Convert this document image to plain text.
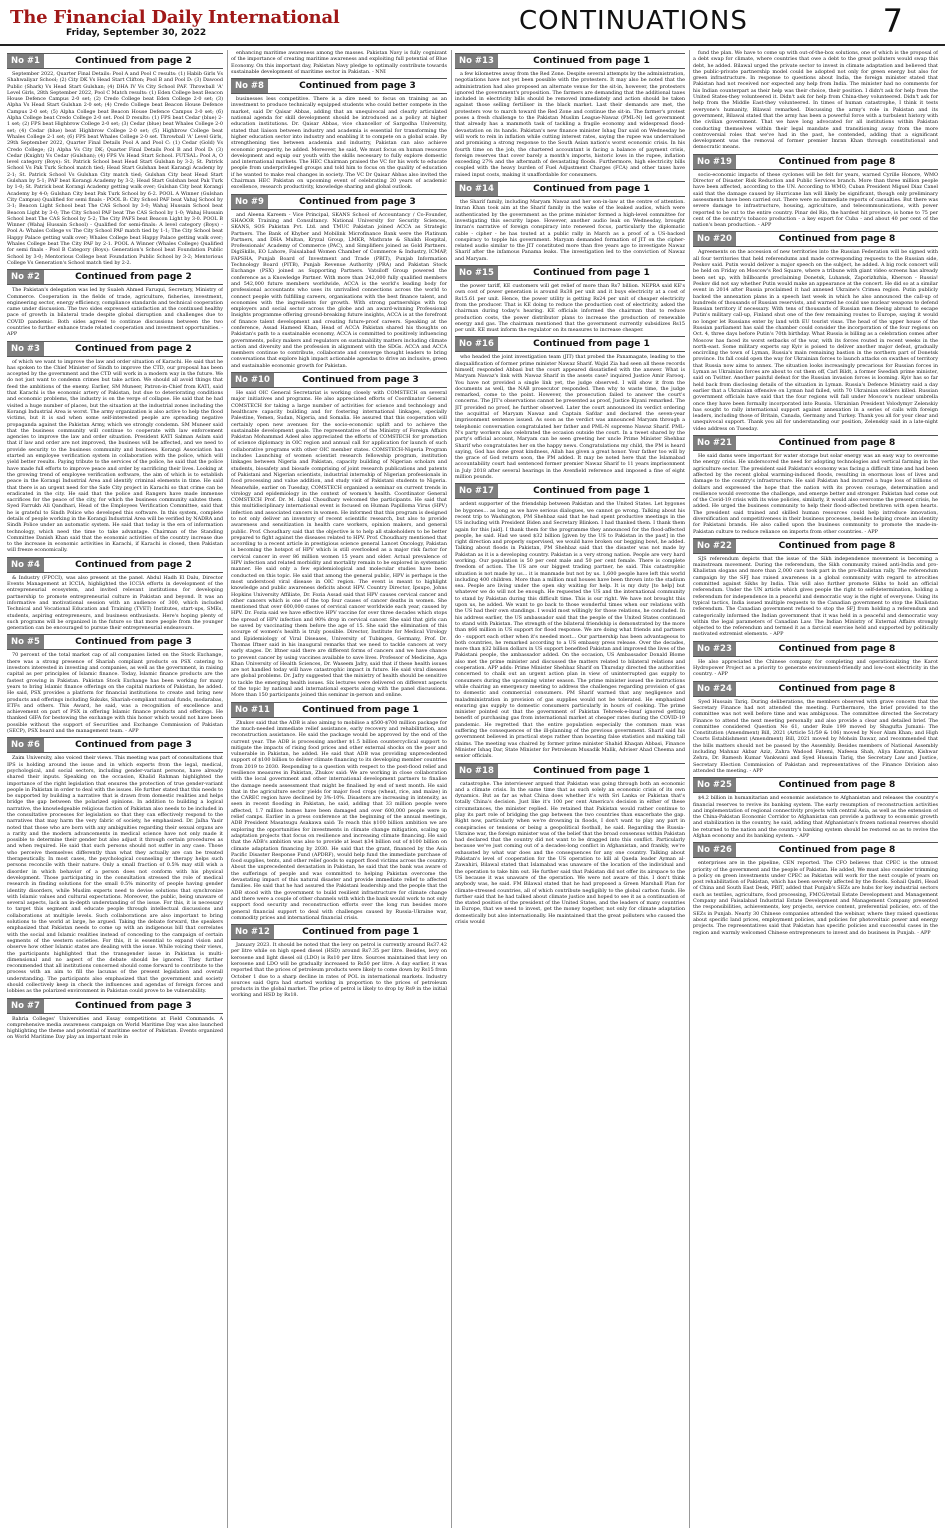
The Financial Daily International
Friday, September 30, 2022	CONTINUATIONS	7
No #1	Continued from page 2

September 2022, Quarter Final Details: Pool A and Pool C results: (1) Habib Girls Vs Shahwaliyar School; (2) City DK Vs Head Start Clifton; Pool B and Pool D: (3) Dawood Public (Shark) Vs Head Start Gulshan; (4) DHA IV Vs City School PAF. Throwball 'A' Level Girls, 28th September 2022, Pool C Match results: (1) Eden College beat Beacon House Defence Campus 2-0 set; (2) Credo College beat Eden College 2-0 set; (3) Alpha Vs Head Start Gulshan 2-0 set; (4) Credo College beat Beacon House Defence Campus 2-0 set; (5) Alpha College beat Beacon House Defence Campus 2-0 set; (6) Alpha College beat Credo College 2-0 set. Pool D results: (1) FPS beat Cedar (blue) 2-1 set; (2) FPS beat Highbrow College 2-0 set; (3) Cedar (blue) beat Whales College 2-0 set; (4) Cedar (blue) beat Highbrow College 2-0 set; (5) Highbrow College beat Whales College 2-1 set; (6) FPS beat Whales College 2-0 set. Throwball 'A' Level Girls, 29th September 2022, Quarter Final Details Pool A and Pool C: (1) Cedar (Gold) Vs Credo College; (2) Alpha Vs City DK; Quarter Final Details Pool B and Pool D: (3) Cedar (Knight) Vs Cedar (Gulshan); (4) FPS Vs Head Start School. FUTSAL: Pool A, O level category (Boys): St. Patrick School beat Head Start Gulshan by 3-2; St. Patrick School Vs Pak Turk School match tied; Head Start Gulshan beat Karangi Academy by 2-1; St. Patrick School Vs Gulshan City match tied; Gulshan City beat Head Start Gulshan by 5-1; PAF beat Korangi Academy by 3-2; Head Start Gulshan beat Pak Turk by 1-0; St. Patrick beat Korangi Academy getting walk over; Gulshan City beat Korangi Academy by 4-0; Gulshan City beat Pak Turk School by 6-2. POOL A Winner (Gulshan City Campus) Qualified for semi finals - POOL B: City School PAF beat Vahaj School by 3-1; Beacon Light School beat The CAS School by 3-0; Wahaj Hussain School beat Beacon Light by 3-0; The City School PAF beat The CAS School by 1-0; Wahaj Hussain School beat The CAS School by 5-2; The City PAFS beat Beacon Light by 3-0. POOL B Winner (Wahaj Hussain School) - Qualified for semi-finals: A level category (Boys) - Pool A: Whales College vs The City School PAF match tied by 1-1; The City School beat Happy Palace getting walk over; Whales College beat Happy Palace getting walk over; Whales College beat The City PAF by 2-1. POOL A Winner (Whales College) Qualified for semi finals - Pool B Category (Boys): Generation's School beat Foundation Public School by 3-0; Mentorious College beat Foundation Public School by 3-2; Mentorious College Vs Generation's School match tied by 2-2.

No #2	Continued from page 2

The Pakistan's delegation was led by Sualeh Ahmed Faruqui, Secretary, Ministry of Commerce. Cooperation in the fields of trade, agriculture, fisheries, investment, engineering sector, energy efficiency, compliance standards and technical cooperation came under discussion. The two sides expressed satisfaction at the continued healthy pace of growth in bilateral trade despite global disruption and challenges due to COVID pandemic. Both sides agreed to continue discussions between the two countries to further enhance trade related cooperation and investment opportunities. - APP

No #3	Continued from page 2

of which we want to improve the law and order situation of Karachi. He said that he has spoken to the Chief Minister of Sindh to improve the CTD, our proposal has been accepted by the government and the CTD will work in a modern way in the future. We do not just want to condemn crimes but take action. We should all avoid things that feed the ambitions of the enemy. Earlier, SM Muneer, Patron-in-Chief from KATI, said that Karachi is the economic artery of Pakistan, but due to deteriorating conditions and economic problems, the industry is on the verge of collapse. He said that he had visited a huge number of places, but the situation at the industrial zones including the Korangi Industrial Area is worst. The army organization is also active to help the flood victims, but it is sad when some self-interested people are spreading negative propaganda against the Pakistan Army, which we strongly condemn. SM Muneer said that the business community will continue to cooperate with law enforcement agencies to improve the law and order situation. President KATI Salman Aslam said that if law and order are not improved, the business will be affected, and we need to provide security to the business community and business. Korangi Association has started an employee verification system in collaboration with the police, which will yield better results. Paying tribute to the services of the police, he said that the police have made full efforts to improve peace and order by sacrificing their lives. Looking at the growing trend of employee verification software, the aim of which is to establish peace in the Korangi Industrial Area and identify criminal elements in time. He said that there is an urgent need for the Safe City project in Karachi so that crime can be eradicated in the city. He said that the police and Rangers have made immense sacrifices for the peace of the city, for which the business community salutes them. Syed Farrukh Ali Qandhari, Head of the Employees Verification Committee, said that he is grateful to Sindh Police who developed this software. In this system, complete details of people working in the Korangi Industrial Area will be verified by NADRA and Sindh Police under an automatic system. He said that today is the era of information technology, which need the time to take advantage. Chairman of the Standing Committee Danish Khan said that the economic activities of the country increase due to the increase in economic activities in Karachi, if Karachi is closed, then Pakistan will freeze economically.

No #4	Continued from page 2

& Industry (FPCCI), was also present at the panel. Abdul Hadh El Dalu, Director Events Management at ICCIA, highlighted the ICCIA efforts in development of the entrepreneurial ecosystem, and invited relevant institutions for developing partnership to promote entrepreneurial culture in Pakistan and beyond. It was an informative and motivational session with an audience of 300, which included Technical and Vocational Education and Training (TVET) Institutes, start-ups, SMEs, students, aspiring entrepreneurs, and business enthusiasts. Here's hoping plenty of such programs will be organized in the future so that more people from the younger generation can be encouraged to pursue their entrepreneurial endeavours.

No #5	Continued from page 3

70 percent of the total market cap of all companies listed on the Stock Exchange, there was a strong presence of Shariah compliant products on PSX catering to investors interested in investing and companies, as well as the government, in raising capital as per principles of Islamic finance. Today, Islamic finance products are the fastest growing in Pakistan. Pakistan Stock Exchange has been working for many years to bring Islamic finance offerings on the capital markets of Pakistan, he added. He said, PSX provides a platform for financial institutions to create and bring new products and offerings including Sukuks, Shariah-compliant mutual funds, modarabas, ETFs and others. This Award, he said, was a recognition of excellence and achievement on part of PSX in offering Islamic finance products and offerings. He thanked GIFA for bestowing the exchange with this honor which would not have been possible without the support of Securities and Exchange Commission of Pakistan (SECP), PSX board and the management team. - APP

No #6	Continued from page 3

Zaim University, also voiced their views. This meeting was part of consultations that IPS is holding around the issue and in which experts from the legal, medical, psychological, and social sectors, including gender-variant persons, have already shared their inputs. Speaking on the occasion, Khalid Rahman highlighted the importance of the right legislation that ensures the protection of true gender-variant people in Pakistan in order to deal with the issues. He further stated that this needs to be supported by building a narrative that is drawn from domestic realities and helps bridge the gap between the polarized opinions. In addition to building a logical narrative, the knowledgeable religious faction of Pakistan also needs to be included in the consultative processes for legislation so that they can effectively respond to the narratives that may harm the very fabric of society, he emphasized. Dr. Jalha Yasir noted that those who are born with any ambiguities regarding their sexual organs are a rarity and the modern advancements in medical science have not only made it possible to determine their gender but also adjust it through certain procedures as and when required. He said that such persons should not suffer in any case. Those who perceive themselves differently than what they actually are can be treated therapeutically. In most cases, the psychological counseling or therapy helps such persons reconcile with their nature. Only a small fraction of 0.5% may still wish a disorder in which behavior of a person does not conform with his physical development. Those participating in the consultation stressed the role of medical research in finding solutions for the small 0.5% minority of people having gender identity disorders, while Muslim experts need to devise solutions that synchronize with Islamic values and cultural expectations. Moreover, the public, being unaware of several aspects, lack an in-depth understanding of the issue. For this, it is necessary to target this segment and educate people through intellectual discussions and collaborations at multiple levels. Such collaborations are also important to bring solutions to the world at large, he argued. Taking the debate forward, the speakers emphasized that Pakistan needs to come up with an indigenous bill that correlates with the social and Islamic realities instead of conceding to the campaign of certain segments of the western societies. For this, it is essential to expand vision and observe how other Islamic states are dealing with the issue. While voicing their views, the participants highlighted that the transgender issue in Pakistan is multi-dimensional and no aspect of the debate should be ignored. They further recommended that all institutions concerned should come forward to contribute to the process with an aim to fill the lacunas of the present legislation and overall understanding. The participants also emphasized that the government and society should collectively keep in check the influences and agendas of foreign forces and lobbies as the polarized environment in Pakistan could prove to be vulnerability.

No #7	Continued from page 3

Bahria Colleges' Universities and Essay competitions at Field Commands. A comprehensive media awareness campaign on World Maritime Day was also launched highlighting the theme and potential of maritime sector of Pakistan. Events organized on World Maritime Day play an important role in

enhancing maritime awareness among the masses. Pakistan Navy is fully cognizant of the importance of creating maritime awareness and exploiting full potential of Blue Economy. On this important day, Pakistan Navy pledge to optimally contribute towards sustainable development of maritime sector in Pakistan. - NNI

No #8	Continued from page 3

businesses less competitive. There is a dire need to focus on training as an investment to produce technically equipped students who could better compete in the market, said Dr Qaisar Abbas, adding that an unequivocal and clearly articulated national agenda for skill development should be introduced as a policy at higher education institutions. Dr. Qaisar Abbas, vice chancellor of Sargodha University, stated that liaison between industry and academia is essential for transforming the higher education sector into industry and enabling it to compete on a global scale. By strengthening ties between academia and industry, Pakistan can also achieve economic prosperity, he added. Moreover, he said, We must focus on human resource development and equip our youth with the skills necessary to fully explore domestic and international markets. The HEC Chairman praised the VC for his work to educate people from underprivileged groups and told him to focus on the quality of education if he wanted to make real changes in society. The VC Dr Qaisar Abbas also invited the Chairman HEC Pakistan on upcoming event of celebrating 20 years of academic excellence, research productivity, knowledge sharing and global outlook.

No #9	Continued from page 3

and Aleena Kareem - Vice Principal, SKANS School of Accountancy / Co-Founder, SHAOOR Training and Consultancy. National University for Security Sciences, SKANS, SOS Pakistan Pvt. Ltd. and TMUC Pakistan joined ACCA as Strategic Partners. The Bank of Khyber and Mobilink Microfinance Bank were the Platinum Partners, and DHA Multan, Kryzal Group, LMKR, Mathrate & Shaikh Hospital, Professionals' Academy of Commerce (PAC), and Simplifiers joined as Gold Partners. DigiSkills, EO Lahore, Faisalabad Women Chamber of Commerce & Industry, ICMAP, FAPSHA, Punjab Board of Investment and Trade (PBIT), Punjab Information Technology Board (PITB), Punjab Revenue Authority (PRA) and Pakistan Stock Exchange (PSX) joined as Supporting Partners. Vatsiloff Group powered the conference as a Knowledge Partner. With more than 242,000 fully qualified members and 542,000 future members worldwide, ACCA is the world's leading body for professional accountants who uses its unrivalled connections across the world to connect people with fulfilling careers, organisations with the best finance talent, and economies with the ingredients for growth. With strong partnerships with top employers and social sector across the globe and an award-winning Professional Insights programme offering ground-breaking future insights, ACCA is at the forefront of finance talent development and creating future-proof careers. Speaking at the conference, Assad Hameed Khan, Head of ACCA Pakistan shared his thoughts on Pakistan's path to a sustainable economy, ACCA is committed to positively influencing governments, policy makers and regulators on sustainability matters including climate action and diversity and the profession in alignment with the SDGs. ACCA and ACCA members continue to contribute, collaborate and converge thought leaders to bring conversations that explore high impact actionable agendas to drive an inclusive, green and sustainable economic growth for Pakistan.

No #10	Continued from page 3

He said OIC General Secretariat is working closely with COMSTECH on several major initiatives and programs. He also appreciated efforts of Coordinator General COMSTECH for taking a large number of activities for science and technology and healthcare capacity building and for fostering international linkages, specially Palestine, Yemen, Sudan, Nigeria, and Somalia. He assured that this cooperation will certainly open new avenues for the socio-economic uplift and to achieve the sustainable development goals. The representative of the Ministry of Foreign Affairs Pakistan Mohammad Adeel also appreciated the efforts of COMSTECH for promotion of science diplomacy in OIC region and annual call for application for launch of such collaborative programs with other OIC member states. COMSTECH-Nigeria Program includes Launching of women scientist research fellowship program, institution linkages between Nigeria and Pakistan, capacity building of Nigerian scholars and students, biosafety and biosafe comprising of joint research publications and patents of Pakistani and Nigerian scientists, industrial internship of Nigerian professionals in food processing and value addition, and study visit of Pakistani students to Nigeria. Meanwhile, earlier on Tuesday, COMSTECH organized a seminar on current trends in virology and epidemiology in the context of women's health. Coordinator General COMSTECH Prof. Dr. M. Iqbal Choudhary welcomed the participants. He said that this multidisciplinary international event is focused on Human Papilloma Virus (HPV) infection and associated cancers in women. He informed that this program is designed to not only deliver an inventory of recent scientific research, but also to provide awareness and sensitization in health care workers, opinion makers, and general public. Prof. Choudhary said that the objective is to help all stakeholders to be better prepared to fight against the diseases related to HPV. Prof. Choudhary mentioned that according to a recent article in prestigious science general Lancet Oncology, Pakistan is becoming the hotspot of HPV which is still overlooked as a major risk factor for cervical cancer in over 86 million women 15 years and older. Actual prevalence of HPV infection and related morbidity and mortality remain to be explored in systematic manner. He said only a few epidemiological and molecular studies have been conducted on this topic. He said that among the general public, HPV is perhaps is the most understood viral disease in OIC region. The event is meant to highlight knowledge and public awareness deficits about HPV. Country Director, Ipsupo, Johns Hopkins University Affiliate, Dr. Fozia Assad said that HPV causes cervical cancer and other cancers which is one of the top four causes of cancer deaths in women. She mentioned that over 600,000 cases of cervical cancer worldwide each year, caused by HPV. Dr. Fozia said we have effective HPV vaccine for over three decades which stops the spread of HPV infection and 90% drop in cervical cancer. She said that girls can be saved by vaccinating them before the age of 15. She said the elimination of this scourge of women's health is truly possible. Director, Institute for Medical Virology and Epidemiology of Viral Diseases, University of Tubingen, Germany, Prof. Dr. Thomas Iftner said in his inaugural remarks that we need to tackle cancers at very early stages. Dr. Iftner said there are different forms of cancers and we have chance to prevent cancer by using vaccines available to save lives. Professor of Medicine, Aga Khan University of Health Sciences, Dr. Waseem Jafry, said that if these health issues are not handled today will have catastrophic impact in future. He said viral diseases are global problems. Dr. Jafry suggested that the ministry of health should be sensitive to tackle the emerging health issues. Six lectures were delivered on different aspects of the topic by national and international experts along with the panel discussions. More than 150 participants joined this seminar in-person and online.

No #11	Continued from page 1

Zhukov said that the ADB is also aiming to mobilise a $500-$700 million package for the much-needed immediate relief assistance, early recovery and rehabilitation, and reconstruction assistance. He said the package would be approved by the end of the current year. The ADB is processing another $1.5 billion countercyclical support to mitigate the impacts of rising food prices and other external shocks on the poor and vulnerable in Pakistan, he added. He said that ADB was providing unprecedented support of $100 billion to deliver climate financing to its developing member countries from 2019 to 2030. Responding to a question with respect to the post-flood relief and resilience measures in Pakistan, Zhukov said: We are working in close collaboration with the local government and other international development partners to finalise the damage needs assessment that might be finalised by end of next month. He said that in the agriculture sector yields for major food crops (wheat, rice, and maize) in the CAREC region have declined by 3%-10%. Disasters are increasing in intensity, as seen in recent flooding in Pakistan, he said, adding that 33 million people were affected, 1.7 million homes have been damaged and over 600,000 people were in relief camps. Earlier in a press conference at the beginning of the annual meetings, ADB President Masatsugu Asakawa said: To reach this $100 billion ambition we are exploring the opportunities for investments in climate change mitigation, scaling up adaptation projects that focus on resilience and increasing climate financing. He said that the ADB's ambition was also to provide at least $34 billion out of $100 billion on climate adaptation financing by 2030. He said that the grant, financed by the Asia Pacific Disaster Response Fund (APDRF), would help fund the immediate purchase of food supplies, tents, and other relief goods to support flood victims across the country. About the unprecedented devastation in Pakistan, he said that the bank was aware of the sufferings of people and was committed to helping Pakistan overcome the devastating impact of this natural disaster and provide immediate relief to affected families. He said that he had assured the Pakistani leadership and the people that the ADB stood with the government to build resilient infrastructure for climate change and there were a couple of other channels with which the bank would work to not only support food security and reconstruction efforts over the long run besides more general financial support to deal with challenges caused by Russia-Ukraine war, commodity prices and international financial crisis.

No #12	Continued from page 1

January 2023. It should be noted that the levy on petrol is currently around Rs37.42 per litre while on high speed diesel (HSD) around Rs7.35 per litre. Besides, levy on kerosene and light diesel oil (LDO) is Rs10 per litre. Sources maintained that levy on kerosene and LDO will be gradually increased to Rs50 per litre. A day earlier, it was reported that the prices of petroleum products were likely to come down by Rs15 from October 1 due to a sharp decline in rates of POL in international markets. Industry sources said Ogra had started working in proportion to the prices of petroleum products in the global market. The price of petrol is likely to drop by Rs9 in the initial working and HSD by Rs18.

No #13	Continued from page 1

a few kilometres away from the Red Zone. Despite several attempts by the administration, negotiations have not yet been possible with the protesters. It may also be noted that the administration had also proposed an alternate venue for the sit-in, however, the protesters ignored the government's proposition. The farmers are demanding that the additional taxes included in electricity bills should be removed immediately and action should be taken against those selling fertiliser in the black market. Last their demands are met, the protesters vow to march toward the Red Zone and continue the sit-in. The farmer's protest poses a fresh challenge to the Pakistan Muslim League-Nawaz (PML-N) led government that already has a mammoth task of tackling a fragile economy and widespread flood-devastation on its hands. Pakistan's new finance minister Ishaq Dar said on Wednesday he will work to rein in inflation while cutting interest rates, saying the rupee was undervalued and promising a strong response to the South Asian nation's worst economic crisis. In his fourth time on the job, the chartered accountant is facing a balance of payment crisis, foreign reserves that cover barely a month's imports, historic lows in the rupee, inflation exceeding 27% and the aftermath of devastating floods. Furthermore, high electricity bills coupled with the heavy burden of Fuel Adjustment Charges (FCA) and other taxes have raised input costs, making it unaffordable for consumers.

No #14	Continued from page 1

the Sharif family, including Maryam Nawaz and her son-in-law at the centre of attention. Imran Khan took aim at the Sharif family in the wake of the leaked audios, which were authenticated by the government as the prime minister formed a high-level committee for investigating this security lapse. However, another audio leak on Wednesday, brought Imran's narrative of foreign conspiracy into renewed focus, particularly the diplomatic cable - cipher - he has touted at a public rally in March as a proof of a US-backed conspiracy to topple his government. Maryam demanded formation of JIT on the cipher-related audio similar to the JIT constituted more than five years ago to investigate Nawaz Sharif after the infamous Panama leaks. The investigation led to the conviction of Nawaz and Maryam.

No #15	Continued from page 1

the power tariff, KE customers will get relief of more than Rs7 billion. NEPRA said KE's own cost of power generation is around Rs38 per unit and it buys electricity at a cost of Rs15.61 per unit. Hence, the power utility is getting Rs24 per unit of cheaper electricity from the producer. That is KE doing to reduce the production cost of electricity, asked the chairman during today's hearing. KE officials informed the chairman that to reduce production costs, the power distributor plans to increase the production of renewable energy and gas. The chairman mentioned that the government currently subsidizes Rs15 per unit. KE must inform the regulator on its measures to increase cheaper.

No #16	Continued from page 1

who headed the joint investigation team (JIT) that probed the Panamagate, leading to the disqualification of former prime minister Nawaz Sharif. Wajid Zia had seen all these records himself, responded Abbasi but the court appeared dissatisfied with the answer. What is Maryam Nawaz's link with Nawaz Sharif in the assets case? inquired Justice Amir Farooq. You have not provided a single link yet, the judge observed. I will show it from the documents as well, the NAB prosecutor responded. Then why to waste time, the judge remarked, come to the point. However, the prosecution failed to answer the court's concerns. The JIT's observations cannot be presented as proof, Justice Kiyani remarked. The JIT provided no proof, he further observed. Later the court announced its verdict ordering the acquittal of Maryam Nawaz and Captain Safdar and declared the seven-year imprisonment sentence issued. As soon as the verdict was announced Maryam through a telephonic conversation congratulated her father and PML-N supremo Nawaz Sharif. PML-N's party workers also celebrated the occasion outside the court. In a tweet shared by the party's official account, Maryam can be seen greeting her uncle Prime Minister Shehbaz Sharif who congratulates her on the happy news. Congratulations my child, the PM is heard saying, God has done great kindness, Allah has given a great honor. Your father too will by the grace of God return soon, the PM added. It may be noted here that the Islamabad accountability court had sentenced former premier Nawaz Sharif to 11 years imprisonment in July 2018 after several hearings in the Avenfield reference and imposed a fine of eight million pounds.

No #17	Continued from page 1

ardent supporter of the friendship between Pakistan and the United States. Let bygones be bygones... as long as we have serious dialogues, we cannot go wrong. Talking about his recent trip to Washington, PM Shehbaz said that he had spent productive meetings in the US including with President Biden and Secretary Blinken. I had thanked them. I thank them again for this [aid]. I thank them for the programme they announced for the flood-affected people, he said. Had we used $32 billion [given by the US to Pakistan in the past] in the right direction and properly supervised, we would have broken our begging bowl, he added. Talking about floods in Pakistan, PM Shehbaz said that the disaster was not made by Pakistan as it is a developing country. Pakistan is a very strong nation. People are very hard working. Our population is 50 per cent male and 50 per cent female. There is complete freedom of action. The US are our biggest trading partner, he said. This catastrophic situation is not made by us... it is manmade but not by us. 1,600 people have left this world including 400 children. More than a million mud houses have been thrown into the stadium sea. People are living under the open sky waiting for help. It is my duty [to help] but whatever we do will not be enough. He requested the US and the international community to stand by Pakistan during this difficult time. This is our right. We have not brought this upon us, he added. We want to go back to those wonderful times when our relations with the US had their own standings. I would most willingly for those relations, he concluded. In his address earlier, the US ambassador said that the people of the United States continued to stand with Pakistan. The strength of the bilateral friendship is demonstrated by the more than $66 million in US support for flood response. We are doing what friends and partners do - support each other when it's needed most... Our partnership has been advantageous to both countries, he remarked according to a US embassy press release. Over the decades, more than $32 billion dollars in US support benefited Pakistan and improved the lives of the Pakistani people, the ambassador added. On the occasion, US Ambassador Donald Blome also met the prime minister and discussed the matters related to bilateral relations and cooperation. APP adds: Prime Minister Shehbaz Sharif on Thursday directed the authorities concerned to chalk out an urgent action plan in view of uninterrupted gas supply to consumers during the upcoming winter season. The prime minister issued the instructions while chairing an emergency meeting to address the challenges regarding provision of gas to domestic and commercial consumers. PM Sharif warned that any negligence and maladministration in provision of gas supplies would not be tolerated. He emphasized ensuring gas supply to domestic consumers particularly in hours of cooking. The prime minister pointed out that the government of Pakistan Tehreek-e-Insaf ignored getting benefit of purchasing gas from international market at cheaper rates during the COVID-19 pandemic. He regretted that the entire population especially the common man was suffering the consequences of the ill-planning of the previous government. Sharif said his government believed in practical steps rather than boasting false statistics and making tall claims. The meeting was chaired by former prime minister Shahid Khaqan Abbasi, Finance Minister Ishaq Dar, State Minister for Petroleum Musadik Malik, Adviser Ahad Cheema and senior officials.

No #18	Continued from page 1

catastrophe. The interviewer argued that Pakistan was going through both an economic and a climate crisis. In the same time that as such solely an economic crisis of its own dynamics. But as far as what China does whether it's with Sri Lanka or Pakistan that's totally China's decision. Just like it's 100 per cent America's decision in either of these circumstances, the minister replied. He retained that Pakistan would rather continue to play its part role of bridging the gap between the two countries than exacerbate the gap. Right now, particularly when we're drowning in floods, I don't want to play any part in conspiracies or tensions or being a geopolitical football, he said. Regarding the Russia-Ukraine war, the foreign minister was of the belief that the broad consensus within Pakistan had declared that the country did not want to be dragged into this conflict. Particularly because we've just coming out of a decades-long conflict in Afghanistan, and frankly, we're exhausted by what war does and the consequences for any one country. Talking about Pakistan's level of cooperation for the US operation to kill al Qaeda leader Ayman al-Zawahiri, Bilawal stated that Islamabad was unaware of the location of the individual and the operation to take him out. He further said that Pakistan did not offer its airspace to the US because it was unaware of the operation. We were not aware of this. I don't think anybody was, he said. FM Bilawal stated that he had proposed a Green Marshall Plan for climate-stressed countries, all of which contribute negligibly to the global carbon funds. He further said that he had talked about climate justice and hoped to see it as a continuation of the stated position of the president of the United States, and the leaders of many countries in Europe, that we need to invest, get the money together, not only for climate adaptation domestically but also internationally. He maintained that the great polluters who caused the crisis would

fund the plan. We have to come up with out-of-the-box solutions, one of which is the proposal of a debt swap for climate, where countries that owe a debt to the great polluters would swap this debt, he added. Bilawal urged the private sector to invest in climate adaptation and believed that the public-private partnership model could be adopted not only for green energy but also for green infrastructure. In response to questions about India, the foreign minister stated that Pakistan had not received nor expected any help from India. The minister had no comments for his Indian counterpart as their help was their choice, their position. I didn't ask for help from the United States-they volunteered it. Didn't ask for help from China-they volunteered. Didn't ask for help from the Middle East-they volunteered. In times of human catastrophe, I think it tests everyone's humanity, Bilawal remarked. Discussing the army's role in Pakistan and its government, Bilawal stated that the army has been a powerful force with a turbulent history with the civilian government. That we have long advocated for all institutions within Pakistan conducting themselves within their legal mandate and transitioning away from the more controversial roles that we've had in the past, he contended, adding that a significant development was the removal of former premier Imran Khan through constitutional and democratic means.

No #19	Continued from page 8

socio-economic impacts of these cyclones will be felt for years, warned Cyrille Honore, WMO Director of Disaster Risk Reduction and Public Services branch. More than three million people have been affected, according to the UN. According to WMO, Cuban President Miguel Diaz Canel said that the damage caused by Hurricane Ian will likely be significant, though only preliminary assessments have been carried out. There were no immediate reports of casualties. But there was severe damage to infrastructure, housing, agriculture, and telecommunications, with power reported to be cut to the entire country. Pinar del Rio, the hardest hit province, is home to 75 per cent of the country's tobacco production - a key export for Cuba - and about 40 per cent of the nation's bean production. - APP

No #20	Continued from page 8

Agreements on the accession of new territories into the Russian Federation will be signed with all four territories that held referendums and made corresponding requests to the Russian side, Peskov said. Putin would deliver a major speech on the subject, he added. A big rock concert will be held on Friday on Moscow's Red Square, where a tribune with giant video screens has already been set up, with billboards proclaiming Donetsk, Luhansk, Zaporizhzhia, Kherson - Russia! Peskov did not say whether Putin would make an appearance at the concert. He did so at a similar event in 2014 after Russia proclaimed it had annexed Ukraine's Crimea region. Putin publicly backed the annexation plans in a speech last week in which he also announced the call-up of hundreds of thousands of Russian reservists, and warned he could use nuclear weapons to defend Russian territory if necessary. With tens of thousands of Russian men fleeing abroad to escape Putin's military call-up, Finland shut one of the few remaining routes to Europe, saying it would no longer let Russians enter by land with EU tourist visas. The head of the upper house of the Russian parliament has said the chamber could consider the incorporation of the four regions on Oct. 4, three days before Putin's 70th birthday. What Russia is billing as a celebration comes after Moscow has faced its worst setbacks of the war, with its forces routed in recent weeks in the north-east. Some military experts say Kyiv is poised to deliver another major defeat, gradually encircling the town of Lyman, Russia's main remaining bastion in the northern part of Donetsk province. Its fall could open the way for Ukrainian forces to launch attacks on swathes of territory that Russia now aims to annex. The situation looks increasingly precarious for Russian forces in Lyman as Ukrainian forces are about to cut them off, Carl Bildt, a former Swedish prime minister, said on Twitter. Another painful defeat for the Russian invasion forces is looming. Kyiv has so far held back from disclosing details of the situation in Lyman. Russia's Defence Ministry said a day earlier that a Ukrainian offensive on Lyman had failed, with 70 Ukrainian soldiers killed. Russian government officials have said that the four regions will fall under Moscow's nuclear umbrella once they have been formally incorporated into Russia. Ukrainian President Volodymyr Zelenskiy has sought to rally international support against annexation in a series of calls with foreign leaders, including those of Britain, Canada, Germany and Turkey. Thank you all for your clear and unequivocal support. Thank you all for understanding our position, Zelenskiy said in a late-night video address on Tuesday.

No #21	Continued from page 8

He said dams were important for water storage but solar energy was an easy way to overcome the energy crisis. He underscored the need for adopting technologies and vertical farming in the agriculture sector. The president said Pakistan's economy was facing a difficult time and had been affected by the recent global warming-induced floods, resulting in enormous loss of lives and damage to the country's infrastructure. He said Pakistan had incurred a huge loss of billions of dollars and expressed the hope that the nation with its proven courage, determination and resilience would overcome the challenge, and emerge better and stronger. Pakistan had come out of the Covid-19 crisis with its wise policies, similarly, it would also overcome the present crisis, he added. He urged the business community to help their flood-affected brethren with open hearts. The president said trained and skilled human resources could help introduce innovation, diversification and competitiveness in their business processes, besides helping create an identity for Pakistani brands. He also called upon the business community to promote the made-in-Pakistan culture to reduce reliance on imports from other countries. - APP

No #22	Continued from page 8

SJS referendum depicts that the issue of the Sikh independence movement is becoming a mainstream movement. During the referendum, the Sikh community raised anti-India and pro-Khalistan slogans and more than 2,000 cars took part in the pro-Khalistan rally. The referendum campaign by the SFJ has raised awareness in a global community with regard to atrocities committed against Sikhs by India. This will also further promote Sikhs to hold an official referendum. Under the UN article which gives people the right to self-determination, holding a referendum for independence in a peaceful and democratic way is the right of everyone. Using its typical tactics, India issued multiple requests to the Canadian government to stop the Khalistan referendum. The Canadian government refused to stop the SFJ from holding a referendum and categorically informed the Indian government that it was held in a peaceful and democratic way within the legal parameters of Canadian Law. The Indian Ministry of External Affairs strongly objected to the referendum and termed it as a farcical exercise held and supported by politically motivated extremist elements. - APP

No #23	Continued from page 8

He also appreciated the Chinese company for completing and operationalizing the Karot Hydropower Project as a priority to generate environment-friendly and low-cost electricity in the country. - APP

No #24	Continued from page 8

Syed Hussain Tariq. During deliberations, the members observed with grave concern that the Secretary Finance had not attended the meeting. Furthermore, the brief provided to the committee was not well before time and was ambiguous. The committee directed the Secretary Finance to attend the next meeting personally and also provide a clear and detailed brief. The committee considered Question No 61, under Rule 199 moved by Shagufta Jumani: The Constitution (Amendment) Bill, 2021 (Article 51/59 & 106) moved by Noor Alam Khan; and High Courts Establishment (Amendment) Bill, 2021 moved by Mohsin Dawar, and recommended that the bills matters should not be passed by the Assembly. Besides members of National Assembly including Mahnaz Akbar Aziz, Zahra Wadood Fatemi, Nafeesa Shah, Aliya Kamran, Kishwar Zehra, Dr. Ramesh Kumar Vankwani and Syed Hussain Tariq, the Secretary Law and Justice, Secretary Election Commission of Pakistan and representatives of the Finance Division also attended the meeting. - APP

No #25	Continued from page 8

$4.2 billion in humanitarian and economic assistance to Afghanistan and releases the country's financial reserves to revive its banking system. The early resumption of reconstruction activities and implementation of regional connectivity projects with central Asia, as well as the extension of the China-Pakistan Economic Corridor to Afghanistan can provide a pathway to economic growth and stabilization in the country, he said, adding that Afghanistan's frozen national reserves should be returned to the nation and the country's banking system should be restored so as to revive the Afghan economy and its banking system. - APP

No #26	Continued from page 8

enterprises are in the pipeline, CEN reported. The CFO believes that CPEC is the utmost priority of the government and the people of Pakistan. He added, We must also consider trimming a policy on green investments under CPEC as Pakistan will work for the next couple of years on post rehabilitation of Pakistan, which has been severely affected by the floods. Sohail Qadri, Head of China and South East Desk, PBIT, added that Punjab's SEZs are hubs for key industrial sectors such as textiles, agriculture, food processing, FMCG/retail Estate Development and Management Company and Faisalabad Industrial Estate Development and Management Company presented the responsibilities, achievements, key projects, service content, preferential policies, etc. of the SEZs in Punjab. Nearly 30 Chinese companies attended the webinar, where they raised questions about specific land prices, employment policies, and policies for photovoltaic power and energy projects. The representatives said that Pakistan has specific policies and successful cases in the region and warmly welcomed Chinese entrepreneurs to invest and do business in Punjab. - APP
